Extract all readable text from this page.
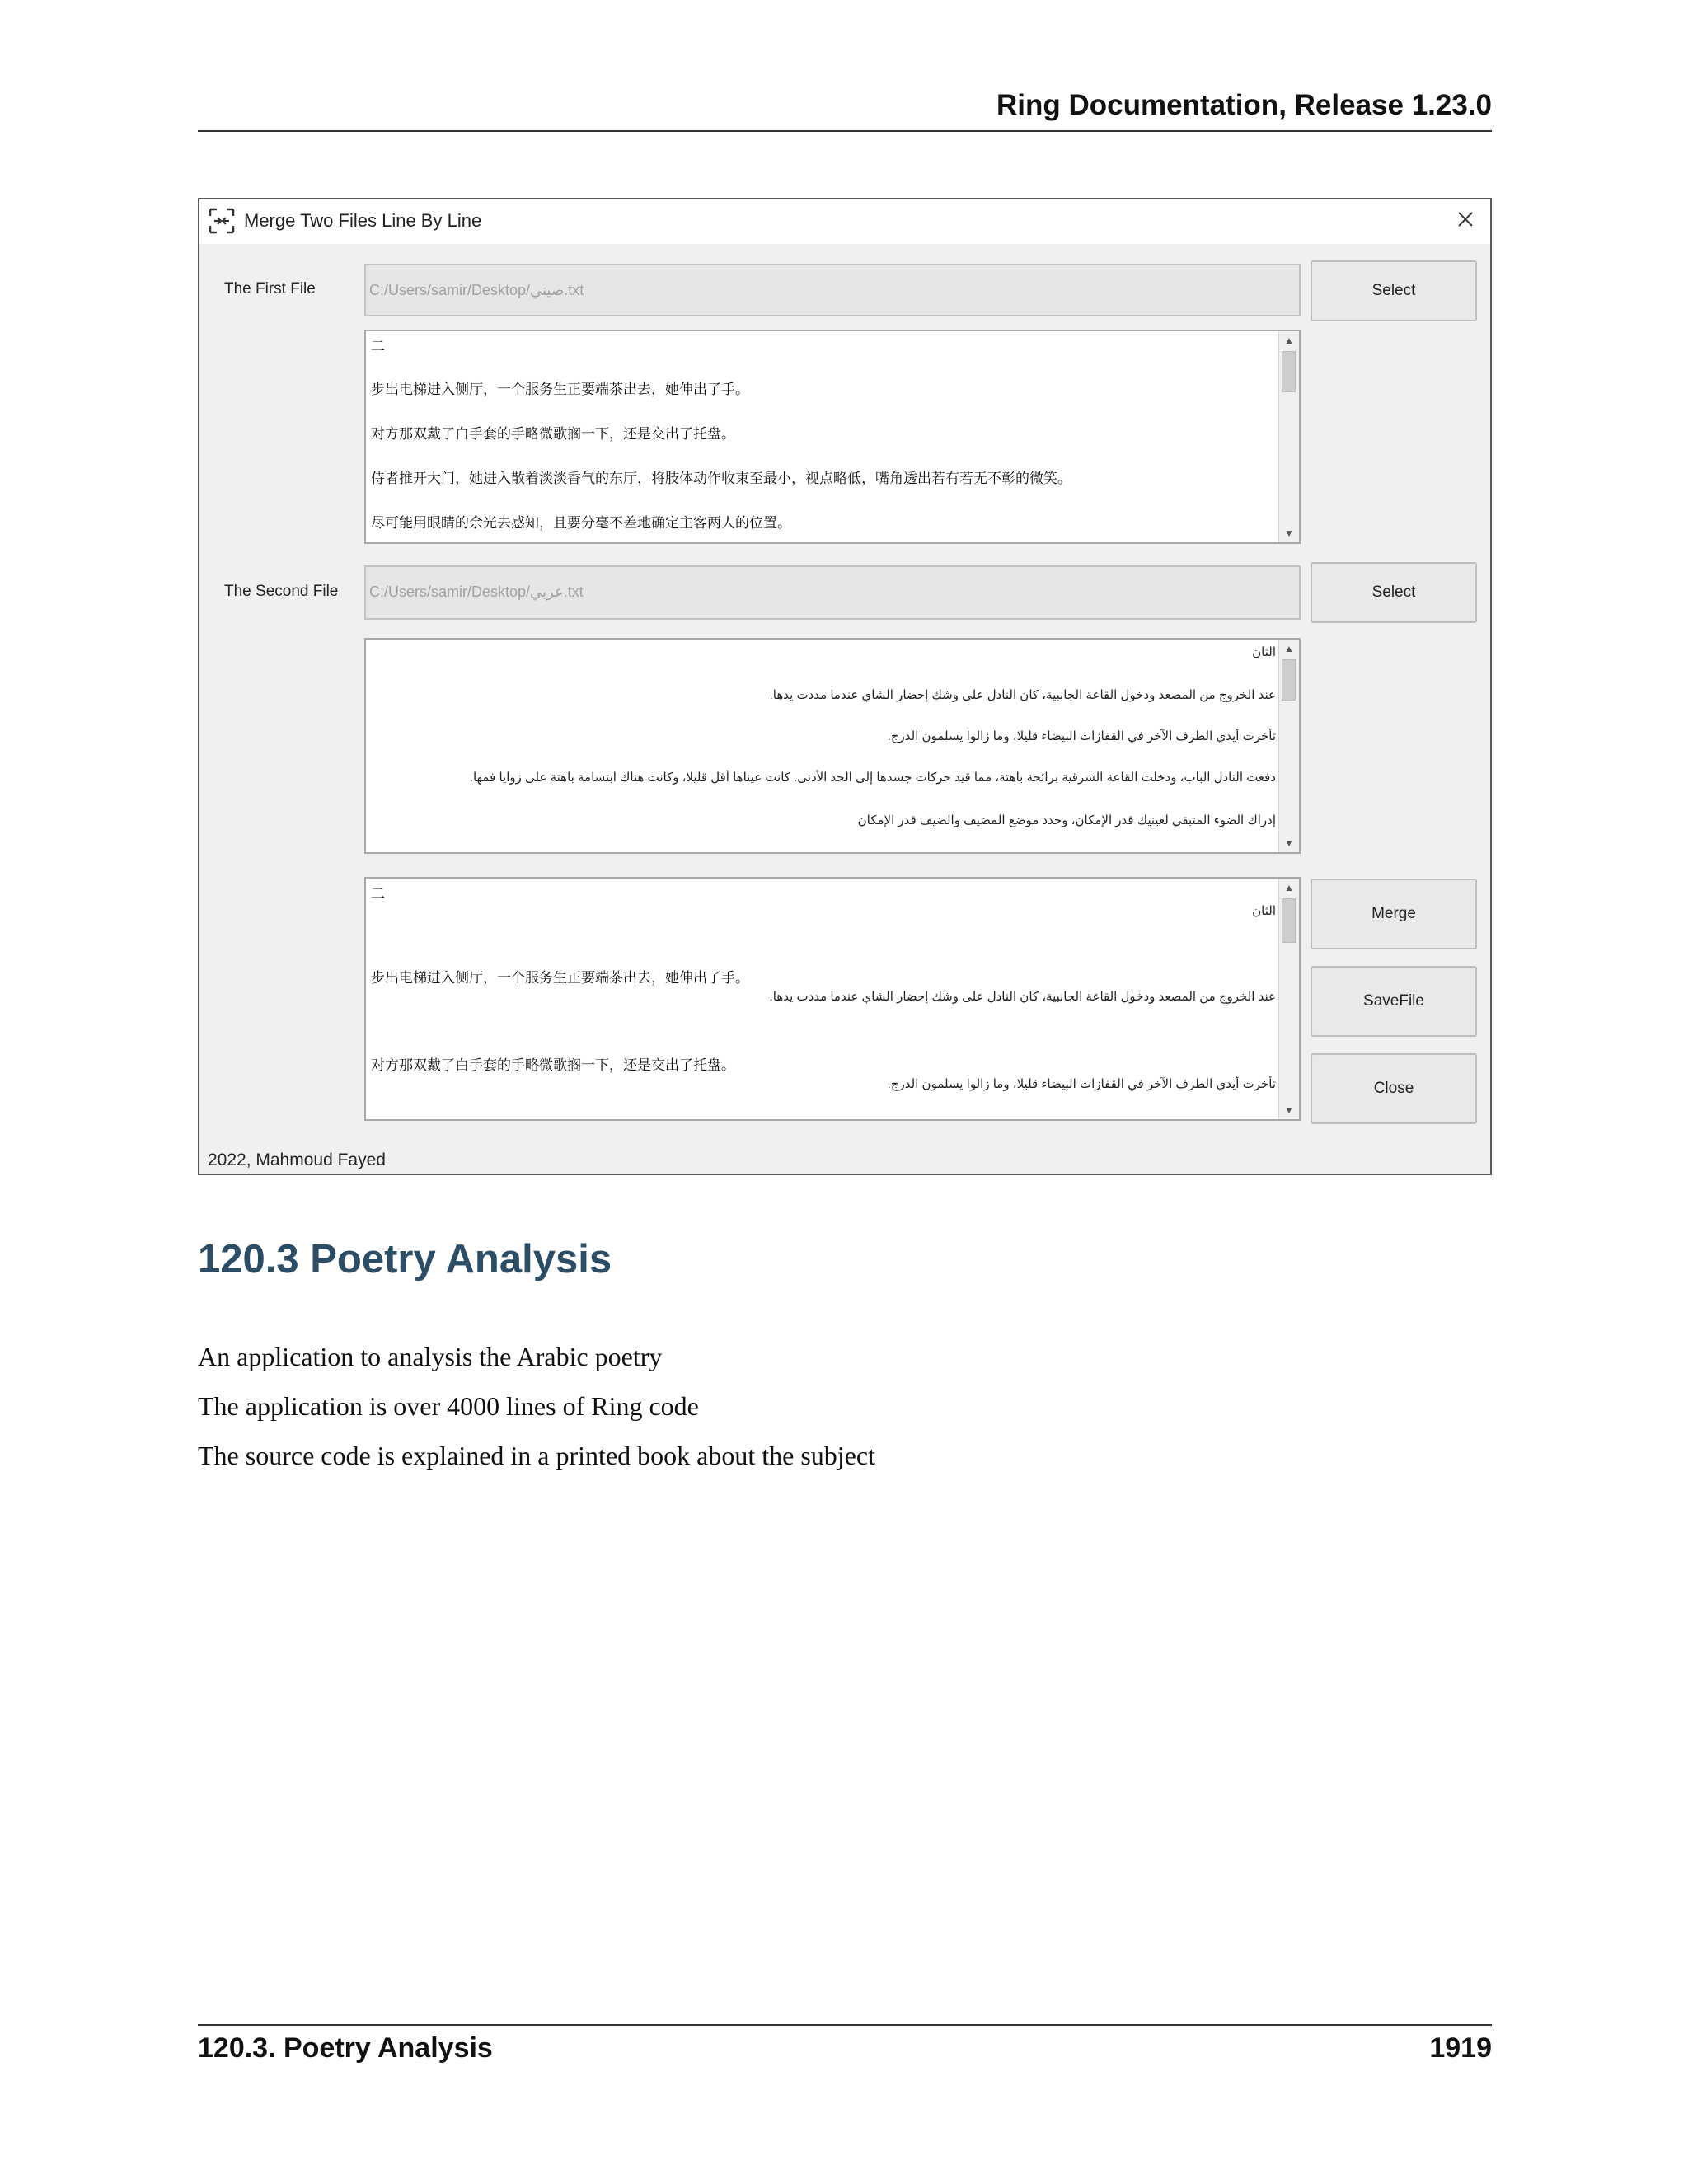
Ring Documentation, Release 1.23.0
Merge Two Files Line By Line
The First File	C:/Users/samir/Desktop/صيني.txt	Select
二
步出电梯进入侧厅，一个服务生正要端茶出去，她伸出了手。
对方那双戴了白手套的手略微歌搁一下，还是交出了托盘。
侍者推开大门，她进入散着淡淡香气的东厅，将肢体动作收束至最小，视点略低，嘴角透出若有若无不彰的微笑。
尽可能用眼睛的余光去感知，且要分毫不差地确定主客两人的位置。
▲
▼
The Second File	C:/Users/samir/Desktop/عربي.txt	Select
الثان
عند الخروج من المصعد ودخول القاعة الجانبية، كان النادل على وشك إحضار الشاي عندما مددت يدها.
تأخرت أيدي الطرف الآخر في القفازات البيضاء قليلا، وما زالوا يسلمون الدرج.
دفعت النادل الباب، ودخلت القاعة الشرقية برائحة باهتة، مما قيد حركات جسدها إلى الحد الأدنى. كانت عيناها أقل قليلا، وكانت هناك ابتسامة باهتة على زوايا فمها.
إدراك الضوء المتبقي لعينيك قدر الإمكان، وحدد موضع المضيف والضيف قدر الإمكان
▲
▼
二
الثان
步出电梯进入侧厅，一个服务生正要端茶出去，她伸出了手。
عند الخروج من المصعد ودخول القاعة الجانبية، كان النادل على وشك إحضار الشاي عندما مددت يدها.
对方那双戴了白手套的手略微歌搁一下，还是交出了托盘。
تأخرت أيدي الطرف الآخر في القفازات البيضاء قليلا، وما زالوا يسلمون الدرج.
▲
▼
Merge
SaveFile
Close
2022, Mahmoud Fayed
120.3 Poetry Analysis
An application to analysis the Arabic poetry
The application is over 4000 lines of Ring code
The source code is explained in a printed book about the subject
120.3. Poetry Analysis	1919
